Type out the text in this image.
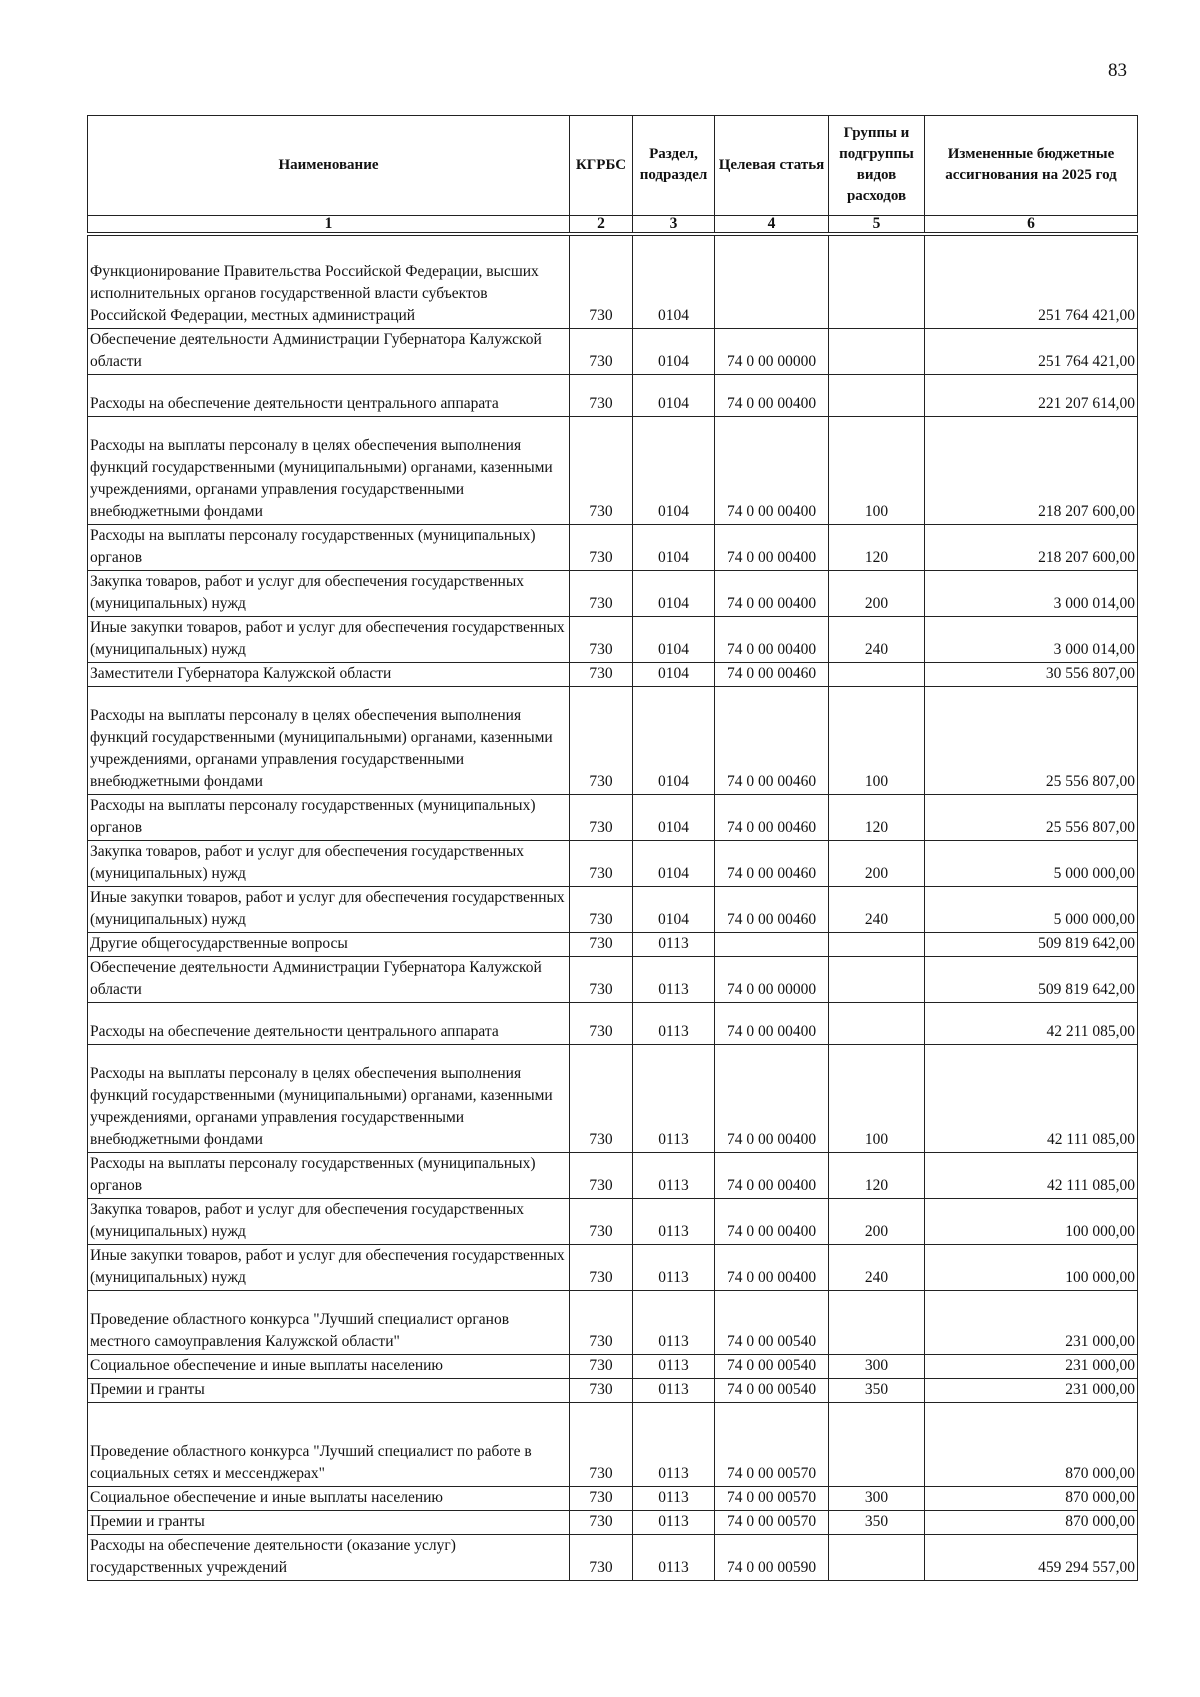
83
Наименование	КГРБС	Раздел, подраздел	Целевая статья	Группы и подгруппы видов расходов	Измененные бюджетные ассигнования на 2025 год
1	2	3	4	5	6
Функционирование Правительства Российской Федерации, высших исполнительных органов государственной власти субъектов Российской Федерации, местных администраций	730	0104			251 764 421,00
Обеспечение деятельности Администрации Губернатора Калужской области	730	0104	74 0 00 00000		251 764 421,00
Расходы на обеспечение деятельности центрального аппарата	730	0104	74 0 00 00400		221 207 614,00
Расходы на выплаты персоналу в целях обеспечения выполнения функций государственными (муниципальными) органами, казенными учреждениями, органами управления государственными внебюджетными фондами	730	0104	74 0 00 00400	100	218 207 600,00
Расходы на выплаты персоналу государственных (муниципальных) органов	730	0104	74 0 00 00400	120	218 207 600,00
Закупка товаров, работ и услуг для обеспечения государственных (муниципальных) нужд	730	0104	74 0 00 00400	200	3 000 014,00
Иные закупки товаров, работ и услуг для обеспечения государственных (муниципальных) нужд	730	0104	74 0 00 00400	240	3 000 014,00
Заместители Губернатора Калужской области	730	0104	74 0 00 00460		30 556 807,00
Расходы на выплаты персоналу в целях обеспечения выполнения функций государственными (муниципальными) органами, казенными учреждениями, органами управления государственными внебюджетными фондами	730	0104	74 0 00 00460	100	25 556 807,00
Расходы на выплаты персоналу государственных (муниципальных) органов	730	0104	74 0 00 00460	120	25 556 807,00
Закупка товаров, работ и услуг для обеспечения государственных (муниципальных) нужд	730	0104	74 0 00 00460	200	5 000 000,00
Иные закупки товаров, работ и услуг для обеспечения государственных (муниципальных) нужд	730	0104	74 0 00 00460	240	5 000 000,00
Другие общегосударственные вопросы	730	0113			509 819 642,00
Обеспечение деятельности Администрации Губернатора Калужской области	730	0113	74 0 00 00000		509 819 642,00
Расходы на обеспечение деятельности центрального аппарата	730	0113	74 0 00 00400		42 211 085,00
Расходы на выплаты персоналу в целях обеспечения выполнения функций государственными (муниципальными) органами, казенными учреждениями, органами управления государственными внебюджетными фондами	730	0113	74 0 00 00400	100	42 111 085,00
Расходы на выплаты персоналу государственных (муниципальных) органов	730	0113	74 0 00 00400	120	42 111 085,00
Закупка товаров, работ и услуг для обеспечения государственных (муниципальных) нужд	730	0113	74 0 00 00400	200	100 000,00
Иные закупки товаров, работ и услуг для обеспечения государственных (муниципальных) нужд	730	0113	74 0 00 00400	240	100 000,00
Проведение областного конкурса "Лучший специалист органов местного самоуправления Калужской области"	730	0113	74 0 00 00540		231 000,00
Социальное обеспечение и иные выплаты населению	730	0113	74 0 00 00540	300	231 000,00
Премии и гранты	730	0113	74 0 00 00540	350	231 000,00
Проведение областного конкурса "Лучший специалист по работе в социальных сетях и мессенджерах"	730	0113	74 0 00 00570		870 000,00
Социальное обеспечение и иные выплаты населению	730	0113	74 0 00 00570	300	870 000,00
Премии и гранты	730	0113	74 0 00 00570	350	870 000,00
Расходы на обеспечение деятельности (оказание услуг) государственных учреждений	730	0113	74 0 00 00590		459 294 557,00
